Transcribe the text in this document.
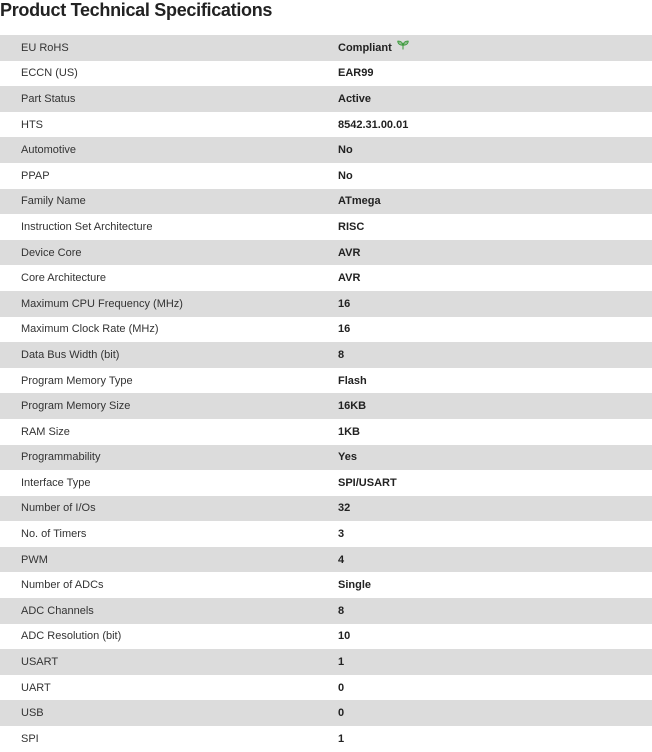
Product Technical Specifications
EU RoHS	Compliant
ECCN (US)	EAR99
Part Status	Active
HTS	8542.31.00.01
Automotive	No
PPAP	No
Family Name	ATmega
Instruction Set Architecture	RISC
Device Core	AVR
Core Architecture	AVR
Maximum CPU Frequency (MHz)	16
Maximum Clock Rate (MHz)	16
Data Bus Width (bit)	8
Program Memory Type	Flash
Program Memory Size	16KB
RAM Size	1KB
Programmability	Yes
Interface Type	SPI/USART
Number of I/Os	32
No. of Timers	3
PWM	4
Number of ADCs	Single
ADC Channels	8
ADC Resolution (bit)	10
USART	1
UART	0
USB	0
SPI	1
